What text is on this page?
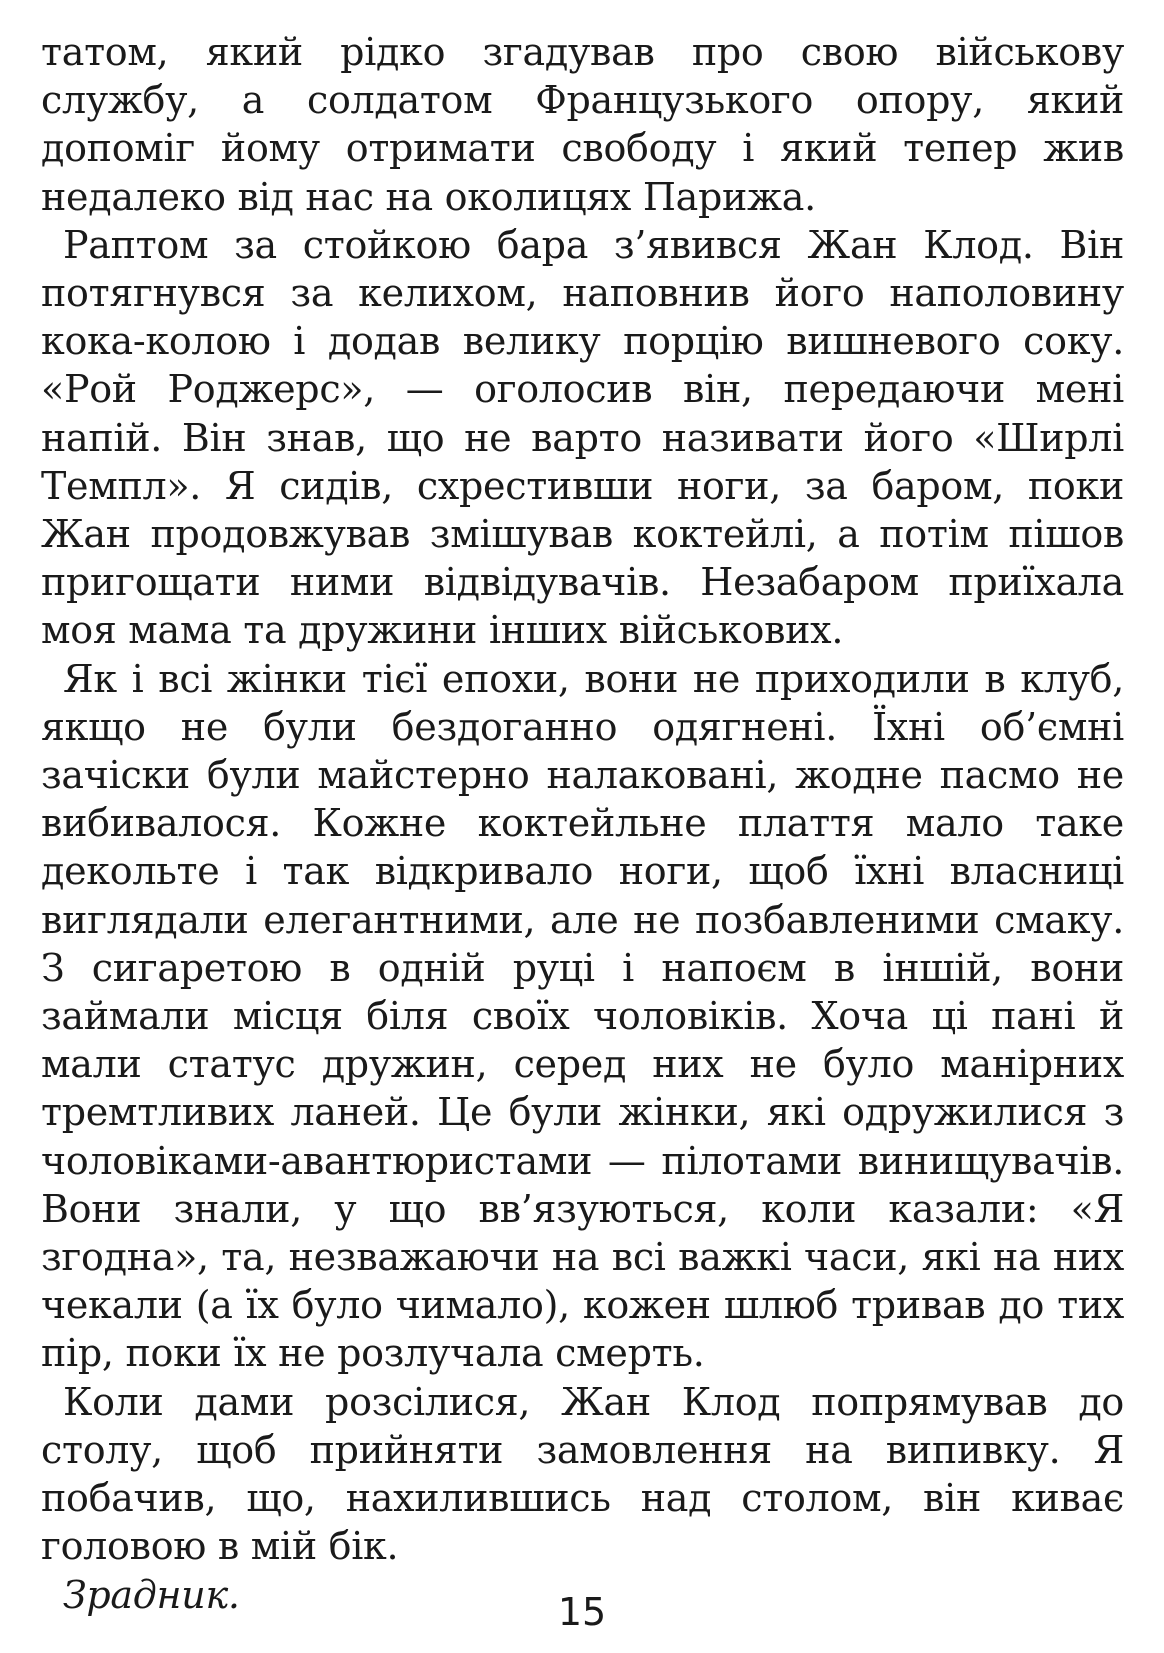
татом, який рідко згадував про свою військову службу, а солдатом Французького опору, який допоміг йому отримати свободу і який тепер жив недалеко від нас на околицях Парижа.

Раптом за стойкою бара з’явився Жан Клод. Він потягнувся за келихом, наповнив його наполовину кока-колою і додав велику порцію вишневого соку. «Рой Роджерс», — оголосив він, передаючи мені напій. Він знав, що не варто називати його «Ширлі Темпл». Я сидів, схрестивши ноги, за баром, поки Жан продовжував змішував коктейлі, а потім пішов пригощати ними відвідувачів. Незабаром приїхала моя мама та дружини інших військових.

Як і всі жінки тієї епохи, вони не приходили в клуб, якщо не були бездоганно одягнені. Їхні об’ємні зачіски були майстерно налаковані, жодне пасмо не вибивалося. Кожне коктейльне плаття мало таке декольте і так відкривало ноги, щоб їхні власниці виглядали елегантними, але не позбавленими смаку. З сигаретою в одній руці і напоєм в іншій, вони займали місця біля своїх чоловіків. Хоча ці пані й мали статус дружин, серед них не було манірних тремтливих ланей. Це були жінки, які одружилися з чоловіками-авантюристами — пілотами винищувачів. Вони знали, у що вв’язуються, коли казали: «Я згодна», та, незважаючи на всі важкі часи, які на них чекали (а їх було чимало), кожен шлюб тривав до тих пір, поки їх не розлучала смерть.

Коли дами розсілися, Жан Клод попрямував до столу, щоб прийняти замовлення на випивку. Я побачив, що, нахилившись над столом, він киває головою в мій бік.

Зрадник.	15
